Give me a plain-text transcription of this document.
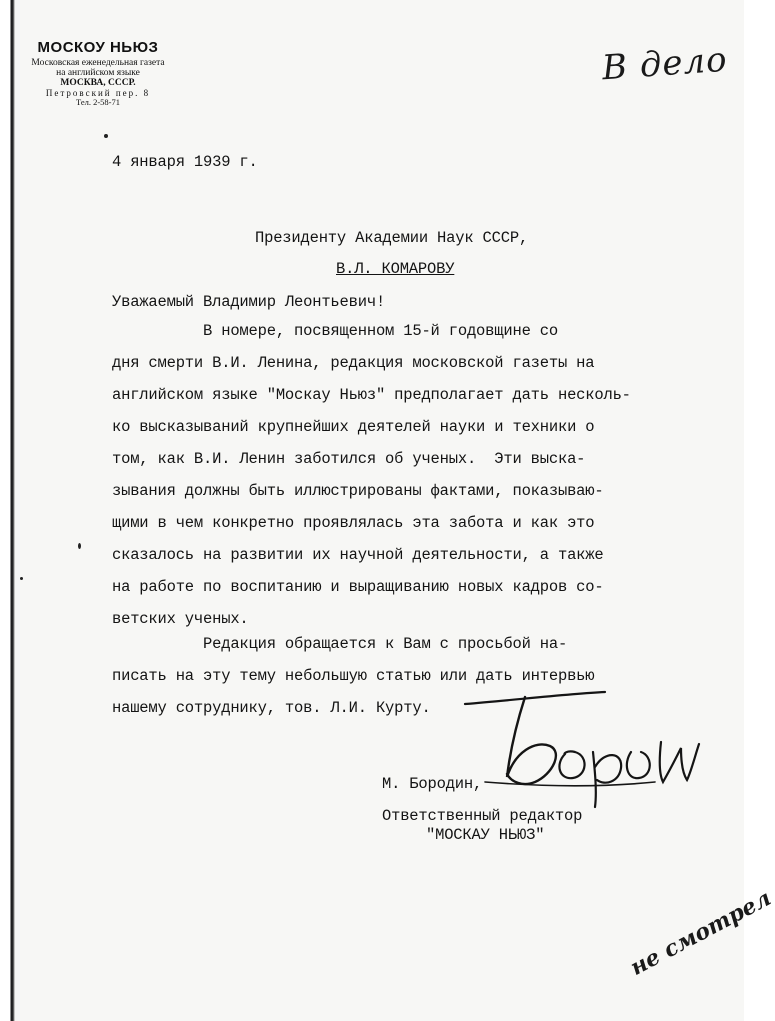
МОСКОУ НЬЮЗ
Московская еженедельная газета
на английском языке
МОСКВА, СССР.
Петровский пер. 8
Тел. 2-58-71
В дело
4 января 1939 г.
Президенту Академии Наук СССР,
В.Л. КОМАРОВУ
Уважаемый Владимир Леонтьевич!
В номере, посвященном 15-й годовщине со
дня смерти В.И. Ленина, редакция московской газеты на
английском языке "Москау Ньюз" предполагает дать несколь-
ко высказываний крупнейших деятелей науки и техники о
том, как В.И. Ленин заботился об ученых.  Эти выска-
зывания должны быть иллюстрированы фактами, показываю-
щими в чем конкретно проявлялась эта забота и как это
сказалось на развитии их научной деятельности, а также
на работе по воспитанию и выращиванию новых кадров со-
ветских ученых.
Редакция обращается к Вам с просьбой на-
писать на эту тему небольшую статью или дать интервью
нашему сотруднику, тов. Л.И. Курту.
М. Бородин,
Ответственный редактор
"МОСКАУ НЬЮЗ"
не смотрел
